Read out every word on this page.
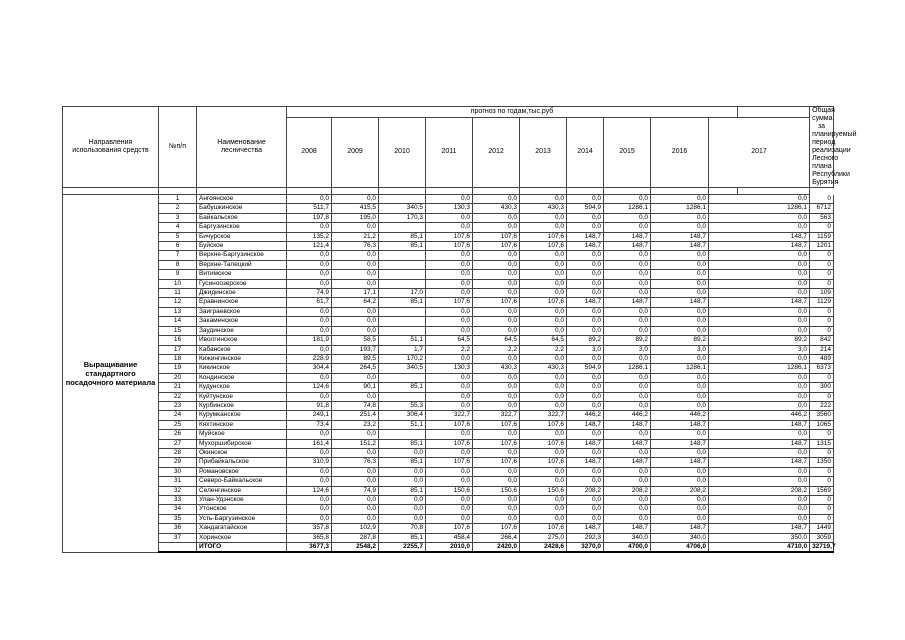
Направления использования средств	№п/п	Наименование лесничества	прогноз по годам,тыс.руб											Общая сумма за планируемый период реализации Лесного плана Республики Бурятия
			2008	2009	2010	2011	2012	2013	2014	2015	2016	2017		

Выращивание стандартного посадочного материала	1	Ангоянское	0,0	0,0		0,0	0,0	0,0	0,0	0,0	0,0	0,0		0
	2	Бабушкинское	511,7	415,5	340,5	130,3	430,3	430,3	594,9	1286,1	1286,1	1286,1		6712
	3	Байкальское	197,8	195,0	170,3	0,0	0,0	0,0	0,0	0,0	0,0	0,0		563
	4	Баргузинское	0,0	0,0		0,0	0,0	0,0	0,0	0,0	0,0	0,0		0
	5	Бичурское	135,2	21,2	85,1	107,6	107,6	107,6	148,7	148,7	148,7	148,7		1159
	6	Буйское	121,4	76,3	85,1	107,6	107,6	107,6	148,7	148,7	148,7	148,7		1201
	7	Верхне-Баргузинское	0,0	0,0		0,0	0,0	0,0	0,0	0,0	0,0	0,0		0
	8	Верхне-Талецкий	0,0	0,0		0,0	0,0	0,0	0,0	0,0	0,0	0,0		0
	9	Витимское	0,0	0,0		0,0	0,0	0,0	0,0	0,0	0,0	0,0		0
	10	Гусиноозерское	0,0	0,0		0,0	0,0	0,0	0,0	0,0	0,0	0,0		0
	11	Джидинское	74,9	17,1	17,0	0,0	0,0	0,0	0,0	0,0	0,0	0,0		109
	12	Еравнинское	61,7	64,2	85,1	107,6	107,6	107,6	148,7	148,7	148,7	148,7		1129
	13	Заиграевское	0,0	0,0		0,0	0,0	0,0	0,0	0,0	0,0	0,0		0
	14	Закаменское	0,0	0,0		0,0	0,0	0,0	0,0	0,0	0,0	0,0		0
	15	Заудинское	0,0	0,0		0,0	0,0	0,0	0,0	0,0	0,0	0,0		0
	16	Иволгинское	181,9	58,5	51,1	64,5	64,5	64,5	89,2	89,2	89,2	89,2		842
	17	Кабанское	0,0	193,7	1,7	2,2	2,2	2,2	3,0	3,0	3,0	3,0		214
	18	Кижингинское	228,9	89,5	170,2	0,0	0,0	0,0	0,0	0,0	0,0	0,0		489
	19	Кикинское	304,4	264,5	340,5	130,3	430,3	430,3	594,9	1286,1	1286,1	1286,1		6373
	20	Кондинское	0,0	0,0		0,0	0,0	0,0	0,0	0,0	0,0	0,0		0
	21	Кудунское	124,6	90,1	85,1	0,0	0,0	0,0	0,0	0,0	0,0	0,0		300
	22	Куйтунское	0,0	0,0		0,0	0,0	0,0	0,0	0,0	0,0	0,0		0
	23	Курбинское	91,8	74,8	55,3	0,0	0,0	0,0	0,0	0,0	0,0	0,0		222
	24	Курумканское	249,1	251,4	306,4	322,7	322,7	322,7	446,2	446,2	446,2	446,2		3560
	25	Кяхтинское	73,4	23,2	51,1	107,6	107,6	107,6	148,7	148,7	148,7	148,7		1065
	26	Муйское	0,0	0,0		0,0	0,0	0,0	0,0	0,0	0,0	0,0		0
	27	Мухоршибирское	161,4	151,2	85,1	107,6	107,6	107,6	148,7	148,7	148,7	148,7		1315
	28	Окинское	0,0	0,0	0,0	0,0	0,0	0,0	0,0	0,0	0,0	0,0		0
	29	Прибайкальское	310,9	76,3	85,1	107,6	107,6	107,6	148,7	148,7	148,7	148,7		1350
	30	Романовское	0,0	0,0	0,0	0,0	0,0	0,0	0,0	0,0	0,0	0,0		0
	31	Северо-Байкальское	0,0	0,0	0,0	0,0	0,0	0,0	0,0	0,0	0,0	0,0		0
	32	Селенгинское	124,6	74,9	85,1	150,6	150,6	150,6	208,2	208,2	208,2	208,2		1569
	33	Улан-Удэнское	0,0	0,0	0,0	0,0	0,0	0,0	0,0	0,0	0,0	0,0		0
	34	Утонское	0,0	0,0	0,0	0,0	0,0	0,0	0,0	0,0	0,0	0,0		0
	35	Усть-Баргузинское	0,0	0,0	0,0	0,0	0,0	0,0	0,0	0,0	0,0	0,0		0
	36	Хандагатайское	357,8	102,9	70,8	107,6	107,6	107,6	148,7	148,7	148,7	148,7		1449
	37	Хоринское	365,8	287,8	85,1	458,4	266,4	275,0	292,3	340,0	340,0	350,0		3059
		ИТОГО	3677,3	2548,2	2255,7	2010,0	2420,0	2428,6	3270,0	4700,0	4706,0	4710,0		32719,7
